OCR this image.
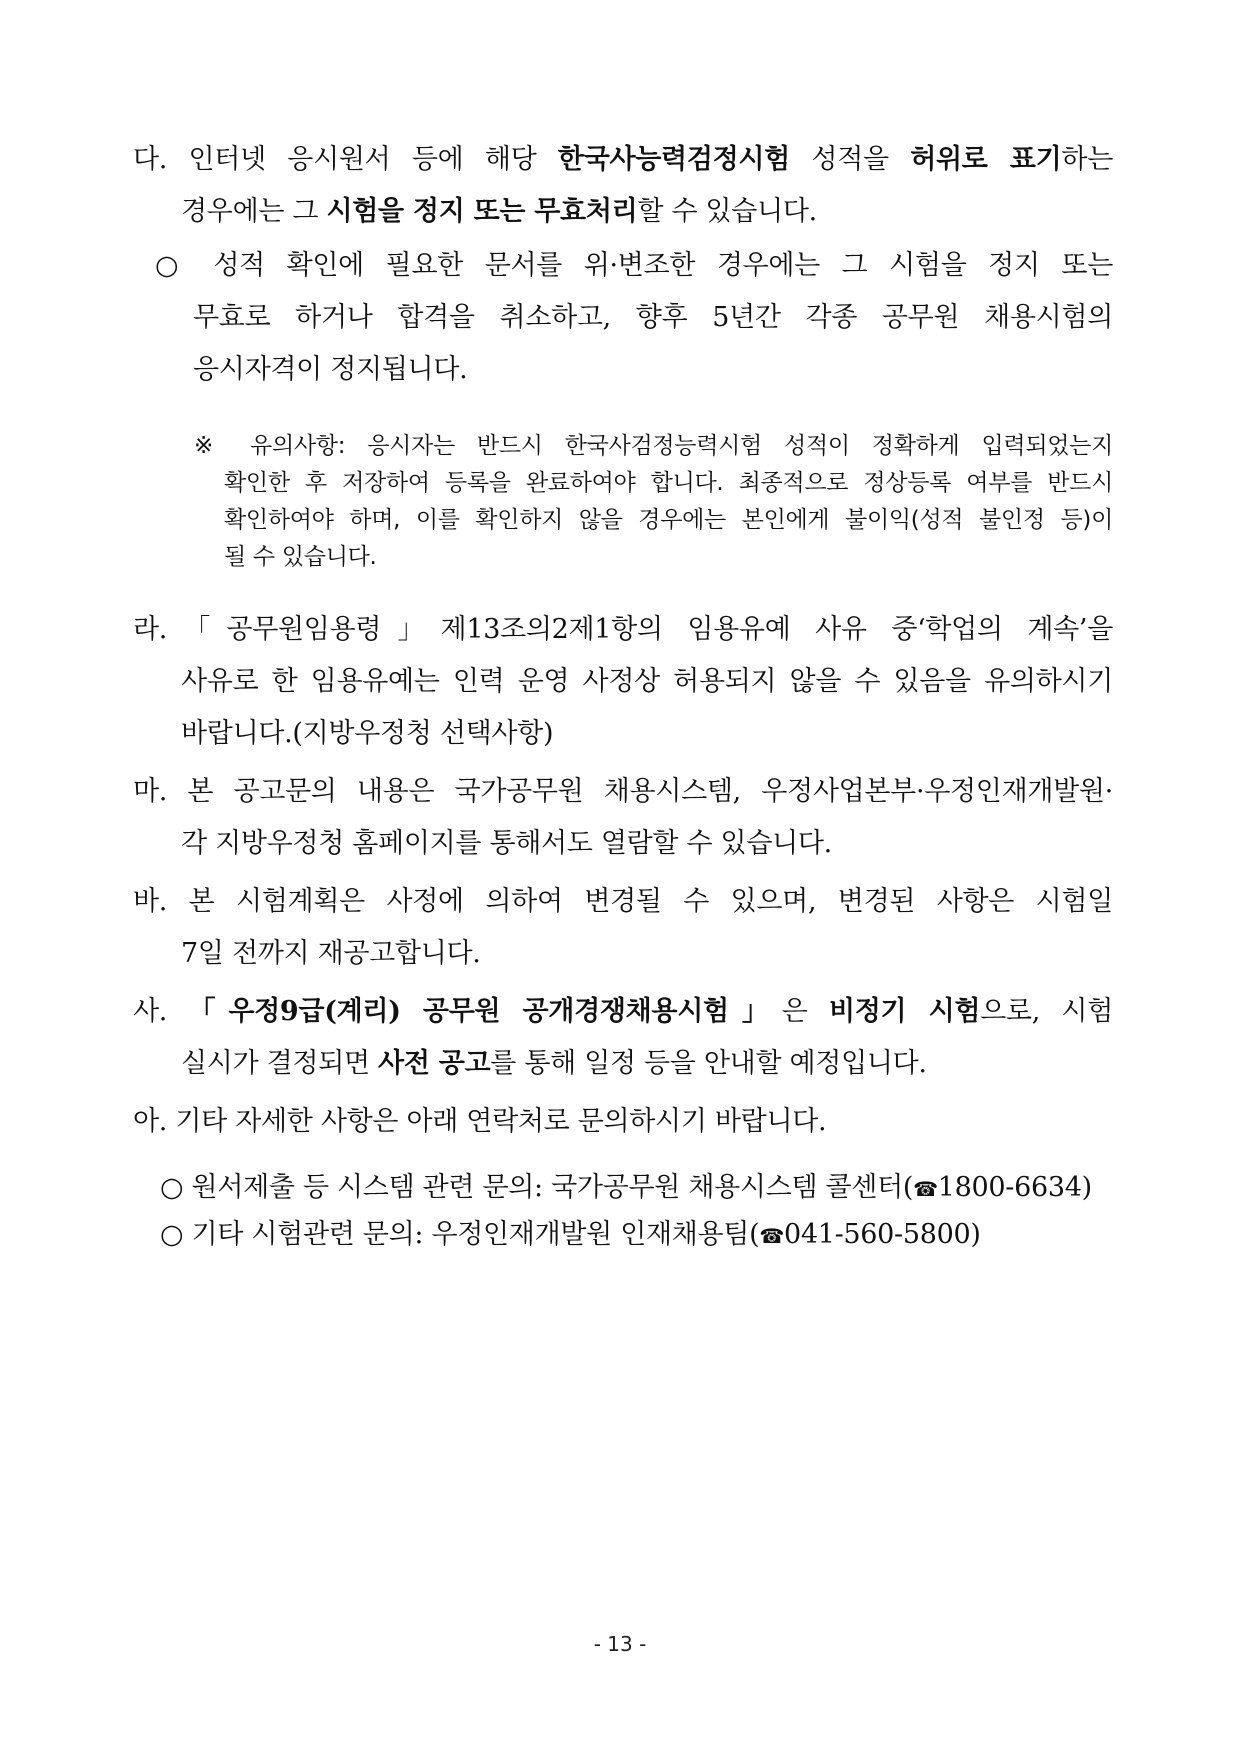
다. 인터넷 응시원서 등에 해당 한국사능력검정시험 성적을 허위로 표기하는
경우에는 그 시험을 정지 또는 무효처리할 수 있습니다.
○ 성적 확인에 필요한 문서를 위·변조한 경우에는 그 시험을 정지 또는
무효로 하거나 합격을 취소하고, 향후 5년간 각종 공무원 채용시험의
응시자격이 정지됩니다.
※ 유의사항: 응시자는 반드시 한국사검정능력시험 성적이 정확하게 입력되었는지
확인한 후 저장하여 등록을 완료하여야 합니다. 최종적으로 정상등록 여부를 반드시
확인하여야 하며, 이를 확인하지 않을 경우에는 본인에게 불이익(성적 불인정 등)이
될 수 있습니다.
라.「공무원임용령」제13조의2제1항의 임용유예 사유 중‘학업의 계속’을
사유로 한 임용유예는 인력 운영 사정상 허용되지 않을 수 있음을 유의하시기
바랍니다.(지방우정청 선택사항)
마. 본 공고문의 내용은 국가공무원 채용시스템, 우정사업본부·우정인재개발원·
각 지방우정청 홈페이지를 통해서도 열람할 수 있습니다.
바. 본 시험계획은 사정에 의하여 변경될 수 있으며, 변경된 사항은 시험일
7일 전까지 재공고합니다.
사. 「우정9급(계리) 공무원 공개경쟁채용시험」은 비정기 시험으로, 시험
실시가 결정되면 사전 공고를 통해 일정 등을 안내할 예정입니다.
아. 기타 자세한 사항은 아래 연락처로 문의하시기 바랍니다.
○ 원서제출 등 시스템 관련 문의: 국가공무원 채용시스템 콜센터(☎1800-6634)
○ 기타 시험관련 문의: 우정인재개발원 인재채용팀(☎041-560-5800)
- 13 -
